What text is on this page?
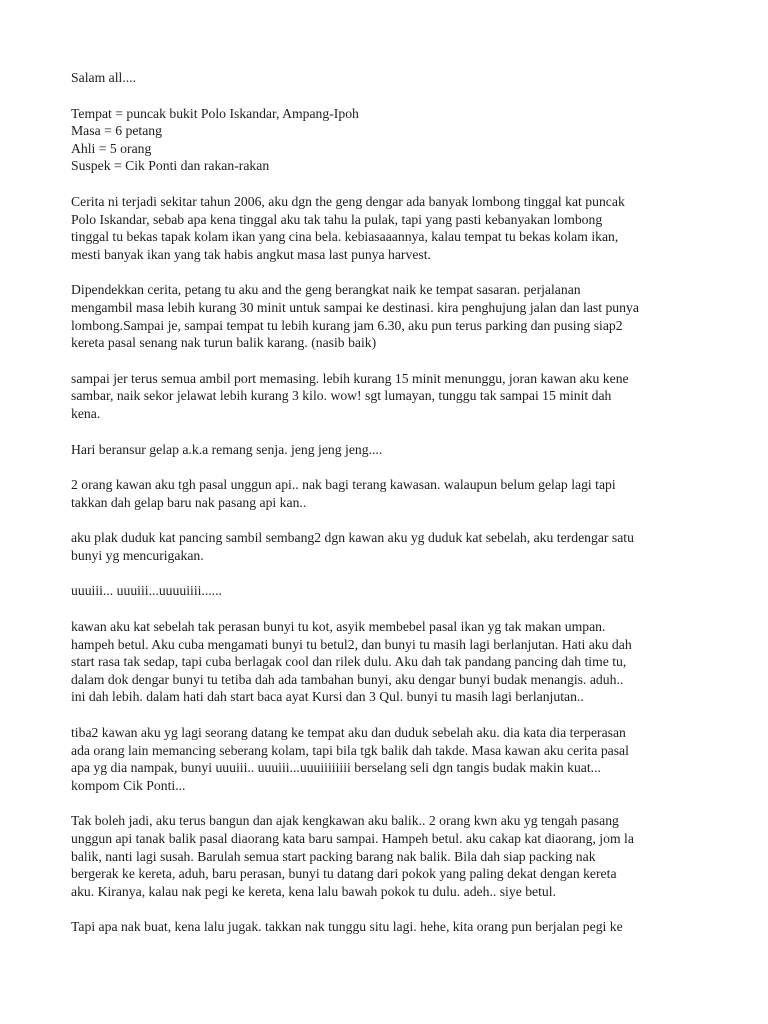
Salam all....
Tempat = puncak bukit Polo Iskandar, Ampang-Ipoh
Masa = 6 petang
Ahli = 5 orang
Suspek = Cik Ponti dan rakan-rakan
Cerita ni terjadi sekitar tahun 2006, aku dgn the geng dengar ada banyak lombong tinggal kat puncak
Polo Iskandar, sebab apa kena tinggal aku tak tahu la pulak, tapi yang pasti kebanyakan lombong
tinggal tu bekas tapak kolam ikan yang cina bela. kebiasaaannya, kalau tempat tu bekas kolam ikan,
mesti banyak ikan yang tak habis angkut masa last punya harvest.
Dipendekkan cerita, petang tu aku and the geng berangkat naik ke tempat sasaran. perjalanan
mengambil masa lebih kurang 30 minit untuk sampai ke destinasi. kira penghujung jalan dan last punya
lombong.Sampai je, sampai tempat tu lebih kurang jam 6.30, aku pun terus parking dan pusing siap2
kereta pasal senang nak turun balik karang. (nasib baik)
sampai jer terus semua ambil port memasing. lebih kurang 15 minit menunggu, joran kawan aku kene
sambar, naik sekor jelawat lebih kurang 3 kilo. wow! sgt lumayan, tunggu tak sampai 15 minit dah
kena.
Hari beransur gelap a.k.a remang senja. jeng jeng jeng....
2 orang kawan aku tgh pasal unggun api.. nak bagi terang kawasan. walaupun belum gelap lagi tapi
takkan dah gelap baru nak pasang api kan..
aku plak duduk kat pancing sambil sembang2 dgn kawan aku yg duduk kat sebelah, aku terdengar satu
bunyi yg mencurigakan.
uuuiii... uuuiii...uuuuiiii......
kawan aku kat sebelah tak perasan bunyi tu kot, asyik membebel pasal ikan yg tak makan umpan.
hampeh betul. Aku cuba mengamati bunyi tu betul2, dan bunyi tu masih lagi berlanjutan. Hati aku dah
start rasa tak sedap, tapi cuba berlagak cool dan rilek dulu. Aku dah tak pandang pancing dah time tu,
dalam dok dengar bunyi tu tetiba dah ada tambahan bunyi, aku dengar bunyi budak menangis. aduh..
ini dah lebih. dalam hati dah start baca ayat Kursi dan 3 Qul. bunyi tu masih lagi berlanjutan..
tiba2 kawan aku yg lagi seorang datang ke tempat aku dan duduk sebelah aku. dia kata dia terperasan
ada orang lain memancing seberang kolam, tapi bila tgk balik dah takde. Masa kawan aku cerita pasal
apa yg dia nampak, bunyi uuuiii.. uuuiii...uuuiiiiiiii berselang seli dgn tangis budak makin kuat...
kompom Cik Ponti...
Tak boleh jadi, aku terus bangun dan ajak kengkawan aku balik.. 2 orang kwn aku yg tengah pasang
unggun api tanak balik pasal diaorang kata baru sampai. Hampeh betul. aku cakap kat diaorang, jom la
balik, nanti lagi susah. Barulah semua start packing barang nak balik. Bila dah siap packing nak
bergerak ke kereta, aduh, baru perasan, bunyi tu datang dari pokok yang paling dekat dengan kereta
aku. Kiranya, kalau nak pegi ke kereta, kena lalu bawah pokok tu dulu. adeh.. siye betul.
Tapi apa nak buat, kena lalu jugak. takkan nak tunggu situ lagi. hehe, kita orang pun berjalan pegi ke
